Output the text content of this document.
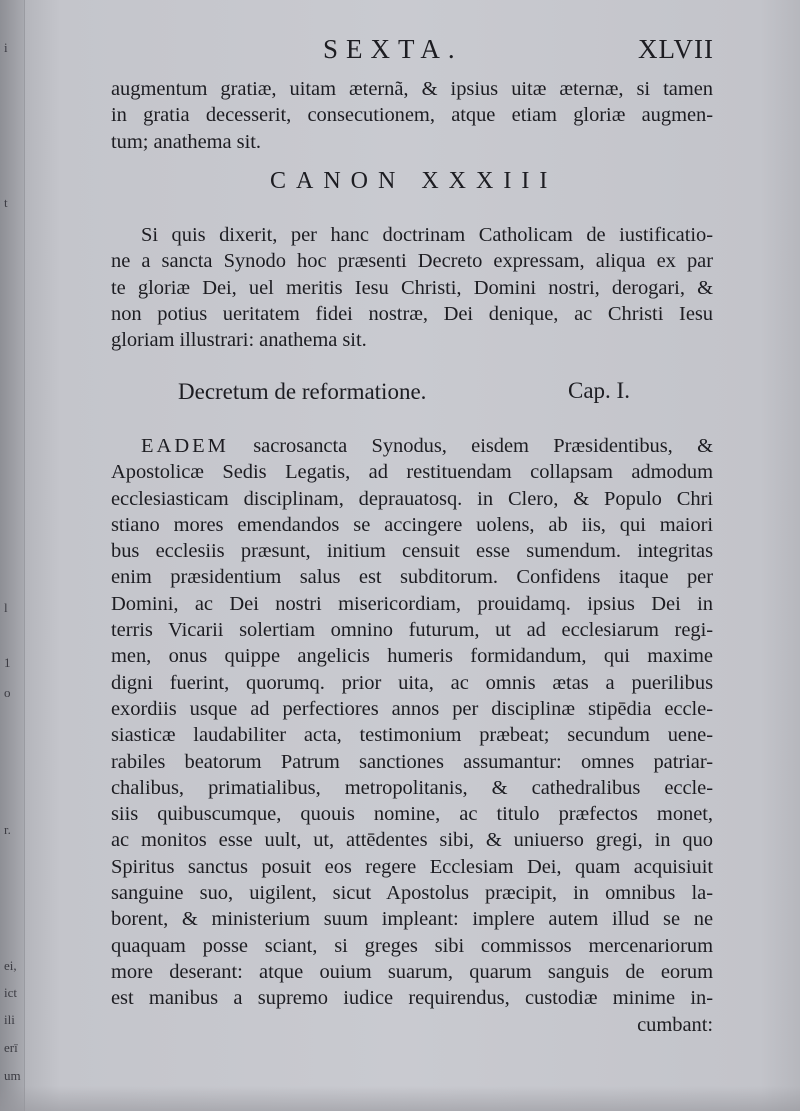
i
l
t
1
o
r.
ei,
ict
ili
erī
um
SEXTA.	XLVII
augmentum gratiæ, uitam æternã, & ipsius uitæ æternæ, si tamen
in gratia decesserit, consecutionem, atque etiam gloriæ augmen-
tum; anathema sit.
CANON XXXIII
Si quis dixerit, per hanc doctrinam Catholicam de iustificatio-
ne a sancta Synodo hoc præsenti Decreto expressam, aliqua ex par
te gloriæ Dei, uel meritis Iesu Christi, Domini nostri, derogari, &
non potius ueritatem fidei nostræ, Dei denique, ac Christi Iesu
gloriam illustrari: anathema sit.
Decretum de reformatione.	Cap. I.
EADEM sacrosancta Synodus, eisdem Præsidentibus, &
Apostolicæ Sedis Legatis, ad restituendam collapsam admodum
ecclesiasticam disciplinam, deprauatosq. in Clero, & Populo Chri
stiano mores emendandos se accingere uolens, ab iis, qui maiori
bus ecclesiis præsunt, initium censuit esse sumendum. integritas
enim præsidentium salus est subditorum. Confidens itaque per
Domini, ac Dei nostri misericordiam, prouidamq. ipsius Dei in
terris Vicarii solertiam omnino futurum, ut ad ecclesiarum regi-
men, onus quippe angelicis humeris formidandum, qui maxime
digni fuerint, quorumq. prior uita, ac omnis ætas a puerilibus
exordiis usque ad perfectiores annos per disciplinæ stipēdia eccle-
siasticæ laudabiliter acta, testimonium præbeat; secundum uene-
rabiles beatorum Patrum sanctiones assumantur: omnes patriar-
chalibus, primatialibus, metropolitanis, & cathedralibus eccle-
siis quibuscumque, quouis nomine, ac titulo præfectos monet,
ac monitos esse uult, ut, attēdentes sibi, & uniuerso gregi, in quo
Spiritus sanctus posuit eos regere Ecclesiam Dei, quam acquisiuit
sanguine suo, uigilent, sicut Apostolus præcipit, in omnibus la-
borent, & ministerium suum impleant: implere autem illud se ne
quaquam posse sciant, si greges sibi commissos mercenariorum
more deserant: atque ouium suarum, quarum sanguis de eorum
est manibus a supremo iudice requirendus, custodiæ minime in-
cumbant:
